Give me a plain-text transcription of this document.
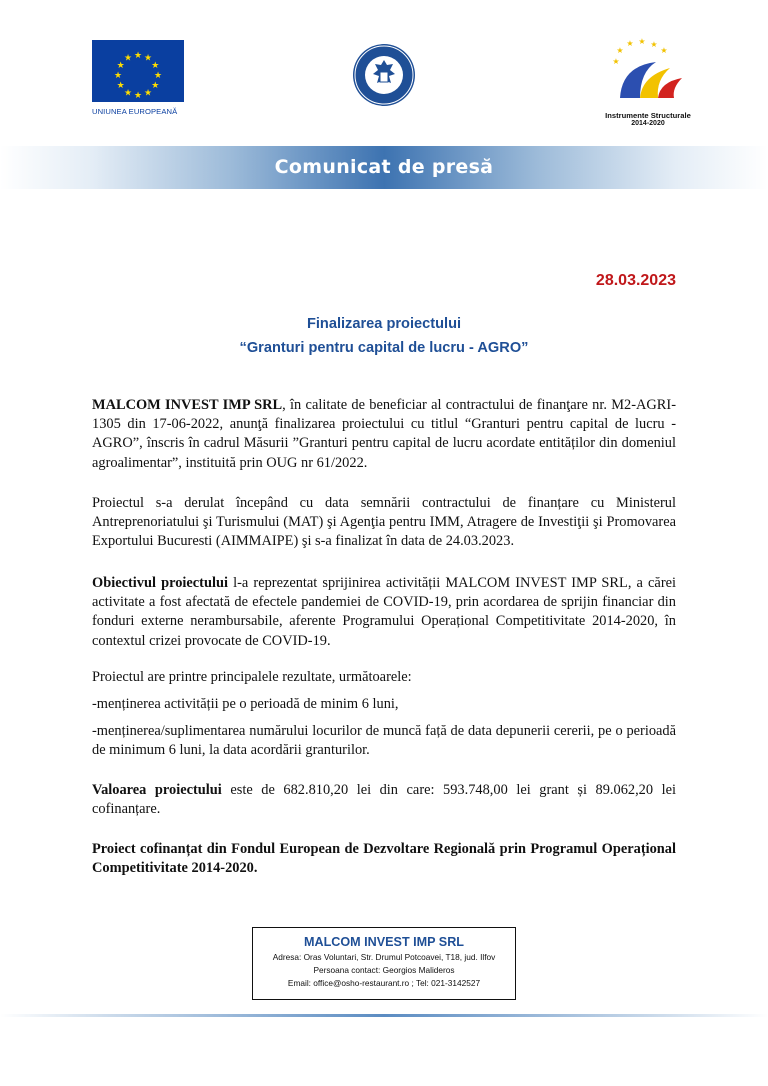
★ ★
★
★
★
★
★
★
★
★
★
★
UNIUNEA EUROPEANĂ
★ ★ ★
★
★
★
Instrumente Structurale
2014-2020
Comunicat de presă
28.03.2023
Finalizarea proiectului
“Granturi pentru capital de lucru - AGRO”

MALCOM INVEST IMP SRL, în calitate de beneficiar al contractului de finanţare nr. M2-AGRI-1305 din 17-06-2022, anunţă finalizarea proiectului cu titlul “Granturi pentru capital de lucru - AGRO”, înscris în cadrul Măsurii ”Granturi pentru capital de lucru acordate entităților din domeniul agroalimentar”, instituită prin OUG nr 61/2022.

Proiectul s-a derulat începând cu data semnării contractului de finanțare cu Ministerul Antreprenoriatului şi Turismului (MAT) şi Agenţia pentru IMM, Atragere de Investiţii şi Promovarea Exportului Bucuresti (AIMMAIPE) şi s-a finalizat în data de 24.03.2023.

Obiectivul proiectului l-a reprezentat sprijinirea activității MALCOM INVEST IMP SRL, a cărei activitate a fost afectată de efectele pandemiei de COVID-19, prin acordarea de sprijin financiar din fonduri externe nerambursabile, aferente Programului Operațional Competitivitate 2014-2020, în contextul crizei provocate de COVID-19.

Proiectul are printre principalele rezultate, următoarele:

-menținerea activității pe o perioadă de minim 6 luni,

-menținerea/suplimentarea numărului locurilor de muncă față de data depunerii cererii, pe o perioadă de minimum 6 luni, la data acordării granturilor.

Valoarea proiectului este de 682.810,20 lei din care: 593.748,00 lei grant și 89.062,20 lei cofinanțare.

Proiect cofinanțat din Fondul European de Dezvoltare Regională prin Programul Operațional Competitivitate 2014-2020.

MALCOM INVEST IMP SRL
Adresa: Oras Voluntari, Str. Drumul Potcoavei, T18, jud. Ilfov
Persoana contact: Georgios Malideros
Email: office@osho-restaurant.ro ; Tel: 021-3142527
